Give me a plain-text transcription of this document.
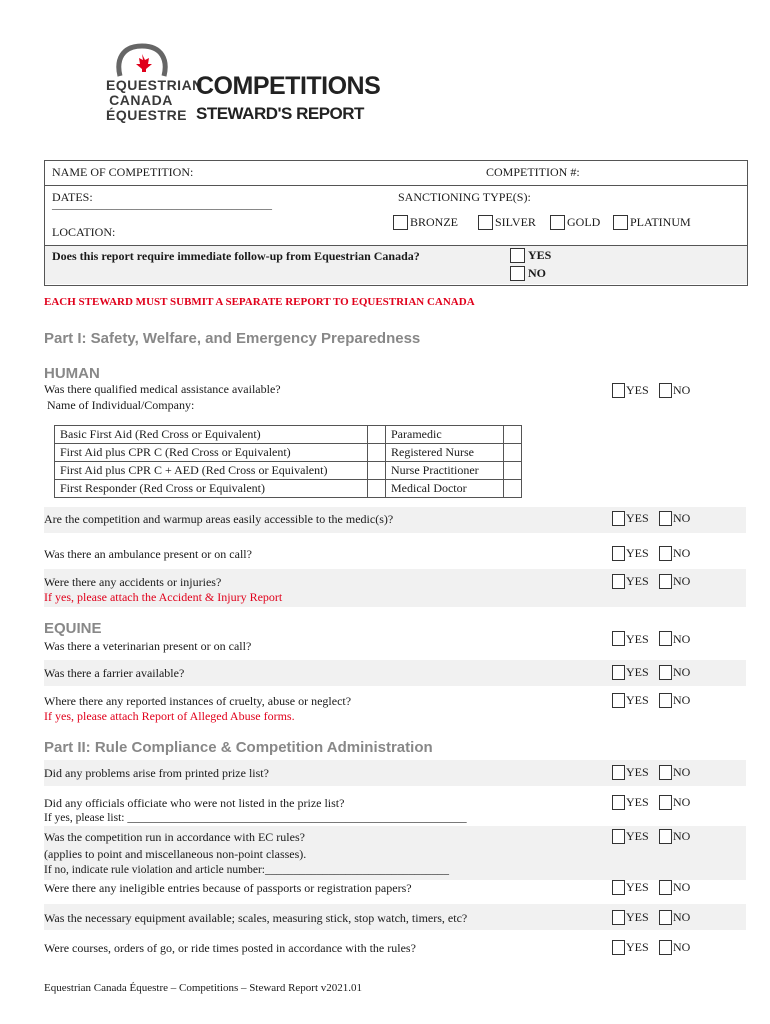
EQUESTRIAN
CANADA
ÉQUESTRE
COMPETITIONS
STEWARD'S REPORT
NAME OF COMPETITION:	COMPETITION #:
DATES:
____________________________________________
SANCTIONING TYPE(S):
BRONZE	SILVER	GOLD PLATINUM
LOCATION:
Does this report require immediate follow-up from Equestrian Canada?	YES
NO
EACH STEWARD MUST SUBMIT A SEPARATE REPORT TO EQUESTRIAN CANADA
Part I: Safety, Welfare, and Emergency Preparedness
HUMAN
Was there qualified medical assistance available?
Name of Individual/Company:
YES NO
Basic First Aid (Red Cross or Equivalent)		Paramedic	
First Aid plus CPR C (Red Cross or Equivalent)		Registered Nurse	
First Aid plus CPR C + AED (Red Cross or Equivalent)		Nurse Practitioner	
First Responder (Red Cross or Equivalent)		Medical Doctor	
Are the competition and warmup areas easily accessible to the medic(s)?	YES NO
Was there an ambulance present or on call?	YES NO
Were there any accidents or injuries?
If yes, please attach the Accident & Injury Report
YES NO
EQUINE
Was there a veterinarian present or on call?	YES NO
Was there a farrier available?	YES NO
Where there any reported instances of cruelty, abuse or neglect?
If yes, please attach Report of Alleged Abuse forms.
YES NO
Part II: Rule Compliance & Competition Administration
Did any problems arise from printed prize list?	YES NO
Did any officials officiate who were not listed in the prize list?
If yes, please list: ___________________________________________________________
YES NO
Was the competition run in accordance with EC rules?
(applies to point and miscellaneous non-point classes).
If no, indicate rule violation and article number:________________________________
YES NO
Were there any ineligible entries because of passports or registration papers?	YES NO
Was the necessary equipment available; scales, measuring stick, stop watch, timers, etc?	YES NO
Were courses, orders of go, or ride times posted in accordance with the rules?	YES NO
Equestrian Canada Équestre – Competitions – Steward Report v2021.01
